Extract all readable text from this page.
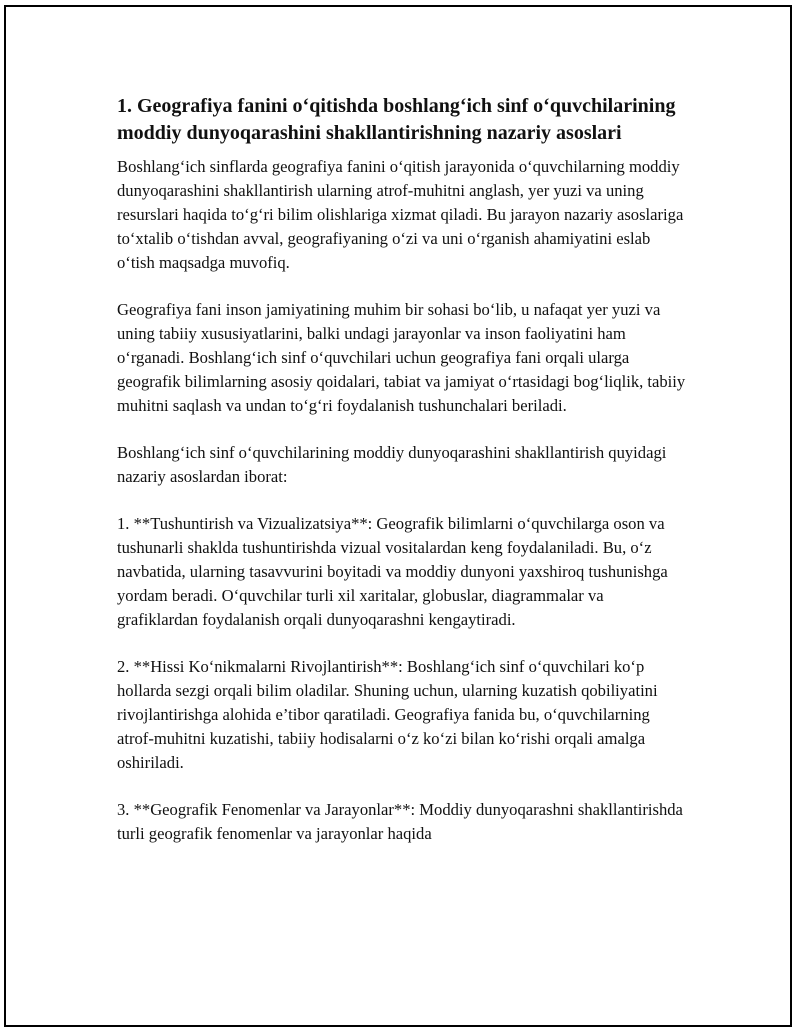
1. Geografiya fanini o‘qitishda boshlang‘ich sinf o‘quvchilarining moddiy dunyoqarashini shakllantirishning nazariy asoslari

Boshlang‘ich sinflarda geografiya fanini o‘qitish jarayonida o‘quvchilarning moddiy dunyoqarashini shakllantirish ularning atrof-muhitni anglash, yer yuzi va uning resurslari haqida to‘g‘ri bilim olishlariga xizmat qiladi. Bu jarayon nazariy asoslariga to‘xtalib o‘tishdan avval, geografiyaning o‘zi va uni o‘rganish ahamiyatini eslab o‘tish maqsadga muvofiq.

Geografiya fani inson jamiyatining muhim bir sohasi bo‘lib, u nafaqat yer yuzi va uning tabiiy xususiyatlarini, balki undagi jarayonlar va inson faoliyatini ham o‘rganadi. Boshlang‘ich sinf o‘quvchilari uchun geografiya fani orqali ularga geografik bilimlarning asosiy qoidalari, tabiat va jamiyat o‘rtasidagi bog‘liqlik, tabiiy muhitni saqlash va undan to‘g‘ri foydalanish tushunchalari beriladi.

Boshlang‘ich sinf o‘quvchilarining moddiy dunyoqarashini shakllantirish quyidagi nazariy asoslardan iborat:

1. **Tushuntirish va Vizualizatsiya**: Geografik bilimlarni o‘quvchilarga oson va tushunarli shaklda tushuntirishda vizual vositalardan keng foydalaniladi. Bu, o‘z navbatida, ularning tasavvurini boyitadi va moddiy dunyoni yaxshiroq tushunishga yordam beradi. O‘quvchilar turli xil xaritalar, globuslar, diagrammalar va grafiklardan foydalanish orqali dunyoqarashni kengaytiradi.

2. **Hissi Ko‘nikmalarni Rivojlantirish**: Boshlang‘ich sinf o‘quvchilari ko‘p hollarda sezgi orqali bilim oladilar. Shuning uchun, ularning kuzatish qobiliyatini rivojlantirishga alohida e’tibor qaratiladi. Geografiya fanida bu, o‘quvchilarning atrof-muhitni kuzatishi, tabiiy hodisalarni o‘z ko‘zi bilan ko‘rishi orqali amalga oshiriladi.

3. **Geografik Fenomenlar va Jarayonlar**: Moddiy dunyoqarashni shakllantirishda turli geografik fenomenlar va jarayonlar haqida
